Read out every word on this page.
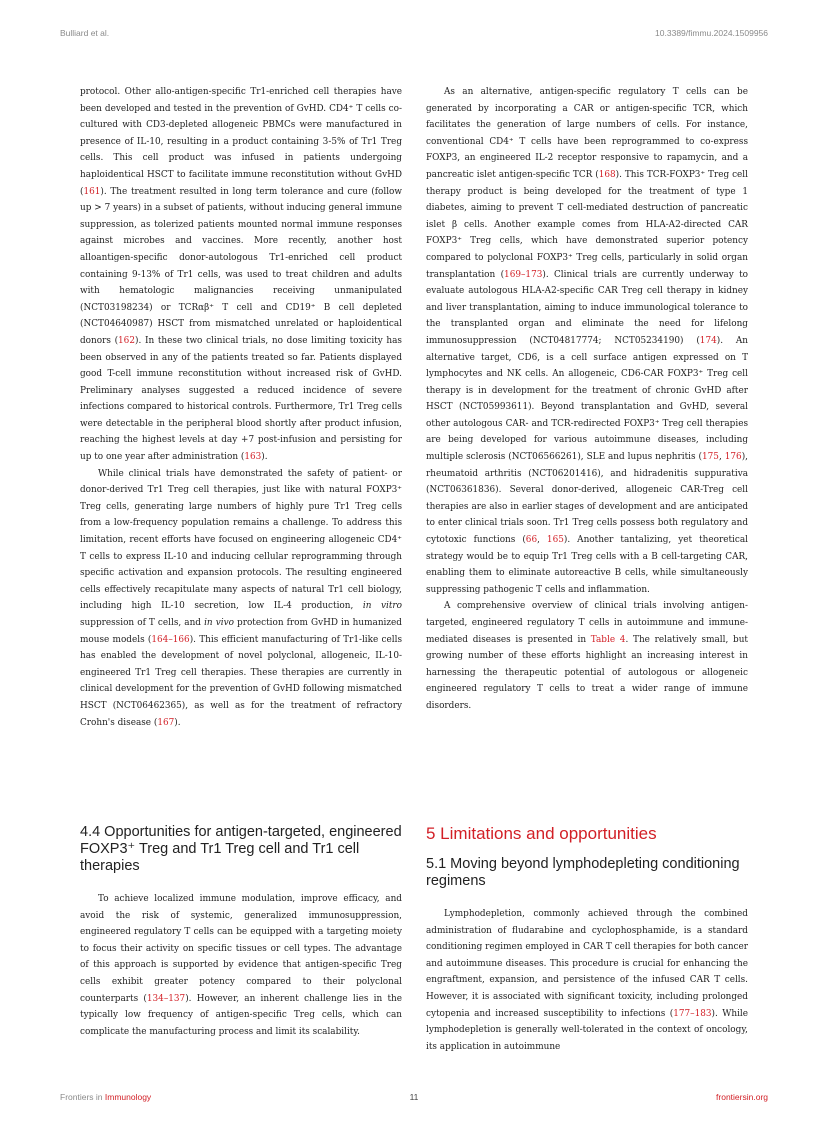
Bulliard et al.	10.3389/fimmu.2024.1509956

protocol. Other allo-antigen-specific Tr1-enriched cell therapies have been developed and tested in the prevention of GvHD. CD4⁺ T cells co-cultured with CD3-depleted allogeneic PBMCs were manufactured in presence of IL-10, resulting in a product containing 3-5% of Tr1 Treg cells. This cell product was infused in patients undergoing haploidentical HSCT to facilitate immune reconstitution without GvHD (161). The treatment resulted in long term tolerance and cure (follow up > 7 years) in a subset of patients, without inducing general immune suppression, as tolerized patients mounted normal immune responses against microbes and vaccines. More recently, another host alloantigen-specific donor-autologous Tr1-enriched cell product containing 9-13% of Tr1 cells, was used to treat children and adults with hematologic malignancies receiving unmanipulated (NCT03198234) or TCRαβ⁺ T cell and CD19⁺ B cell depleted (NCT04640987) HSCT from mismatched unrelated or haploidentical donors (162). In these two clinical trials, no dose limiting toxicity has been observed in any of the patients treated so far. Patients displayed good T-cell immune reconstitution without increased risk of GvHD. Preliminary analyses suggested a reduced incidence of severe infections compared to historical controls. Furthermore, Tr1 Treg cells were detectable in the peripheral blood shortly after product infusion, reaching the highest levels at day +7 post-infusion and persisting for up to one year after administration (163).

While clinical trials have demonstrated the safety of patient- or donor-derived Tr1 Treg cell therapies, just like with natural FOXP3⁺ Treg cells, generating large numbers of highly pure Tr1 Treg cells from a low-frequency population remains a challenge. To address this limitation, recent efforts have focused on engineering allogeneic CD4⁺ T cells to express IL-10 and inducing cellular reprogramming through specific activation and expansion protocols. The resulting engineered cells effectively recapitulate many aspects of natural Tr1 cell biology, including high IL-10 secretion, low IL-4 production, in vitro suppression of T cells, and in vivo protection from GvHD in humanized mouse models (164–166). This efficient manufacturing of Tr1-like cells has enabled the development of novel polyclonal, allogeneic, IL-10-engineered Tr1 Treg cell therapies. These therapies are currently in clinical development for the prevention of GvHD following mismatched HSCT (NCT06462365), as well as for the treatment of refractory Crohn's disease (167).

As an alternative, antigen-specific regulatory T cells can be generated by incorporating a CAR or antigen-specific TCR, which facilitates the generation of large numbers of cells. For instance, conventional CD4⁺ T cells have been reprogrammed to co-express FOXP3, an engineered IL-2 receptor responsive to rapamycin, and a pancreatic islet antigen-specific TCR (168). This TCR-FOXP3⁺ Treg cell therapy product is being developed for the treatment of type 1 diabetes, aiming to prevent T cell-mediated destruction of pancreatic islet β cells. Another example comes from HLA-A2-directed CAR FOXP3⁺ Treg cells, which have demonstrated superior potency compared to polyclonal FOXP3⁺ Treg cells, particularly in solid organ transplantation (169–173). Clinical trials are currently underway to evaluate autologous HLA-A2-specific CAR Treg cell therapy in kidney and liver transplantation, aiming to induce immunological tolerance to the transplanted organ and eliminate the need for lifelong immunosuppression (NCT04817774; NCT05234190) (174). An alternative target, CD6, is a cell surface antigen expressed on T lymphocytes and NK cells. An allogeneic, CD6-CAR FOXP3⁺ Treg cell therapy is in development for the treatment of chronic GvHD after HSCT (NCT05993611). Beyond transplantation and GvHD, several other autologous CAR- and TCR-redirected FOXP3⁺ Treg cell therapies are being developed for various autoimmune diseases, including multiple sclerosis (NCT06566261), SLE and lupus nephritis (175, 176), rheumatoid arthritis (NCT06201416), and hidradenitis suppurativa (NCT06361836). Several donor-derived, allogeneic CAR-Treg cell therapies are also in earlier stages of development and are anticipated to enter clinical trials soon. Tr1 Treg cells possess both regulatory and cytotoxic functions (66, 165). Another tantalizing, yet theoretical strategy would be to equip Tr1 Treg cells with a B cell-targeting CAR, enabling them to eliminate autoreactive B cells, while simultaneously suppressing pathogenic T cells and inflammation.

A comprehensive overview of clinical trials involving antigen-targeted, engineered regulatory T cells in autoimmune and immune-mediated diseases is presented in Table 4. The relatively small, but growing number of these efforts highlight an increasing interest in harnessing the therapeutic potential of autologous or allogeneic engineered regulatory T cells to treat a wider range of immune disorders.

4.4 Opportunities for antigen-targeted, engineered FOXP3⁺ Treg and Tr1 Treg cell and Tr1 cell therapies

To achieve localized immune modulation, improve efficacy, and avoid the risk of systemic, generalized immunosuppression, engineered regulatory T cells can be equipped with a targeting moiety to focus their activity on specific tissues or cell types. The advantage of this approach is supported by evidence that antigen-specific Treg cells exhibit greater potency compared to their polyclonal counterparts (134–137). However, an inherent challenge lies in the typically low frequency of antigen-specific Treg cells, which can complicate the manufacturing process and limit its scalability.

5 Limitations and opportunities
5.1 Moving beyond lymphodepleting conditioning regimens

Lymphodepletion, commonly achieved through the combined administration of fludarabine and cyclophosphamide, is a standard conditioning regimen employed in CAR T cell therapies for both cancer and autoimmune diseases. This procedure is crucial for enhancing the engraftment, expansion, and persistence of the infused CAR T cells. However, it is associated with significant toxicity, including prolonged cytopenia and increased susceptibility to infections (177–183). While lymphodepletion is generally well-tolerated in the context of oncology, its application in autoimmune

Frontiers in Immunology	11	frontiersin.org
